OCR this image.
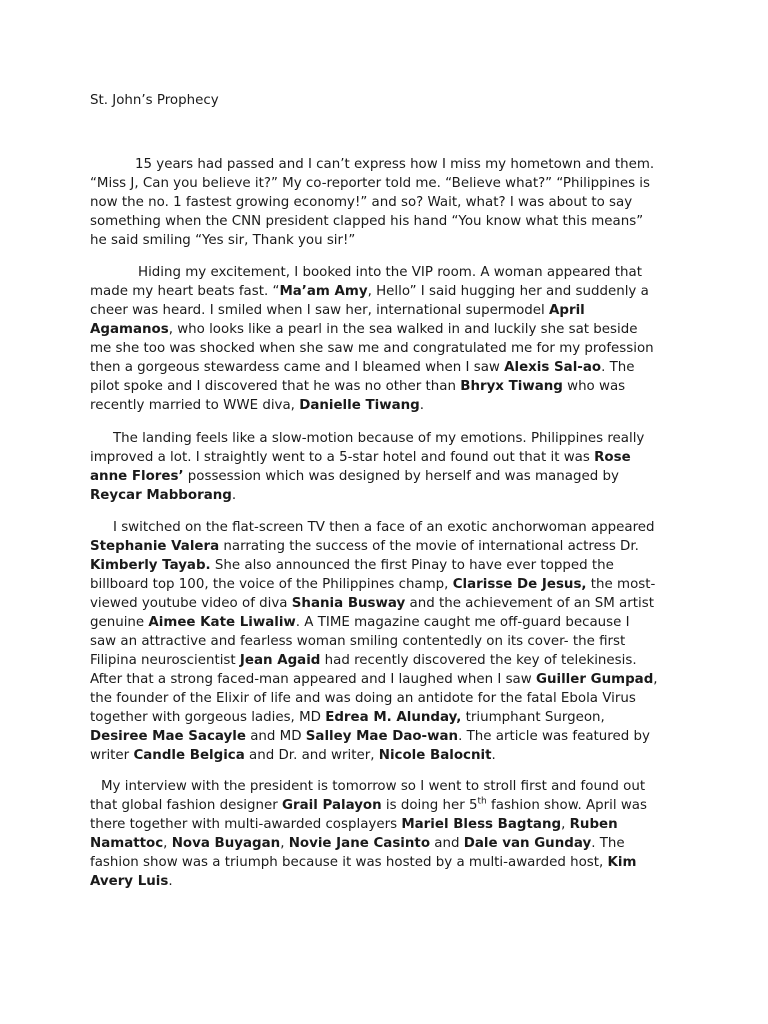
St. John’s Prophecy
15 years had passed and I can’t express how I miss my hometown and them.
“Miss J, Can you believe it?” My co-reporter told me. “Believe what?” “Philippines is
now the no. 1 fastest growing economy!” and so? Wait, what? I was about to say
something when the CNN president clapped his hand “You know what this means”
he said smiling “Yes sir, Thank you sir!”
Hiding my excitement, I booked into the VIP room. A woman appeared that
made my heart beats fast. “Ma’am Amy, Hello” I said hugging her and suddenly a
cheer was heard. I smiled when I saw her, international supermodel April
Agamanos, who looks like a pearl in the sea walked in and luckily she sat beside
me she too was shocked when she saw me and congratulated me for my profession
then a gorgeous stewardess came and I bleamed when I saw Alexis Sal-ao. The
pilot spoke and I discovered that he was no other than Bhryx Tiwang who was
recently married to WWE diva, Danielle Tiwang.
The landing feels like a slow-motion because of my emotions. Philippines really
improved a lot. I straightly went to a 5-star hotel and found out that it was Rose
anne Flores’ possession which was designed by herself and was managed by
Reycar Mabborang.
I switched on the flat-screen TV then a face of an exotic anchorwoman appeared
Stephanie Valera narrating the success of the movie of international actress Dr.
Kimberly Tayab. She also announced the first Pinay to have ever topped the
billboard top 100, the voice of the Philippines champ, Clarisse De Jesus, the most-
viewed youtube video of diva Shania Busway and the achievement of an SM artist
genuine Aimee Kate Liwaliw. A TIME magazine caught me off-guard because I
saw an attractive and fearless woman smiling contentedly on its cover- the first
Filipina neuroscientist Jean Agaid had recently discovered the key of telekinesis.
After that a strong faced-man appeared and I laughed when I saw Guiller Gumpad,
the founder of the Elixir of life and was doing an antidote for the fatal Ebola Virus
together with gorgeous ladies, MD Edrea M. Alunday, triumphant Surgeon,
Desiree Mae Sacayle and MD Salley Mae Dao-wan. The article was featured by
writer Candle Belgica and Dr. and writer, Nicole Balocnit.
My interview with the president is tomorrow so I went to stroll first and found out
that global fashion designer Grail Palayon is doing her 5th fashion show. April was
there together with multi-awarded cosplayers Mariel Bless Bagtang, Ruben
Namattoc, Nova Buyagan, Novie Jane Casinto and Dale van Gunday. The
fashion show was a triumph because it was hosted by a multi-awarded host, Kim
Avery Luis.
